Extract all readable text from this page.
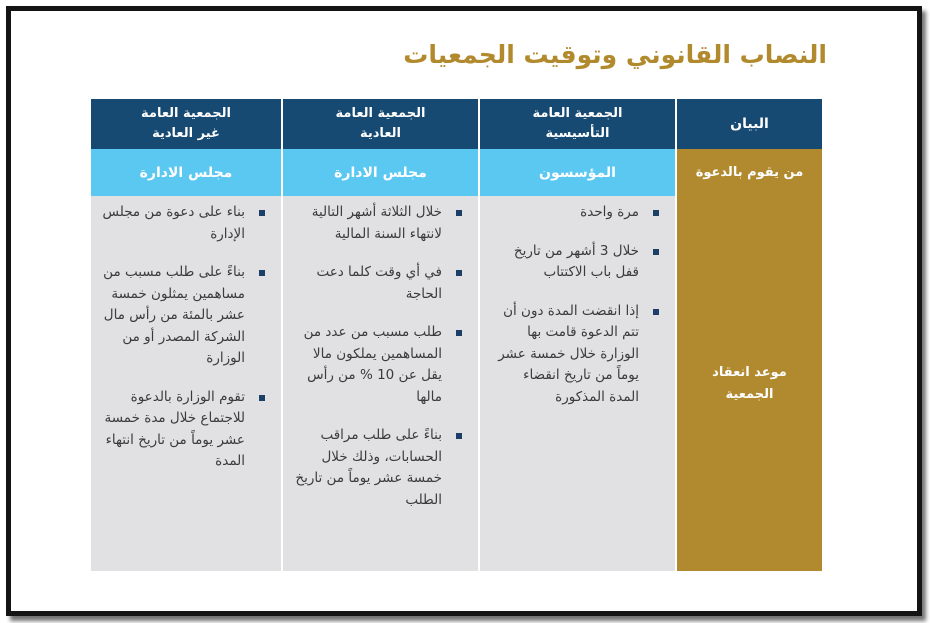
النصاب القانوني وتوقيت الجمعيات
البيان
الجمعية العامة
التأسيسية
الجمعية العامة
العادية
الجمعية العامة
غير العادية
من يقوم بالدعوة
المؤسسون
مجلس الادارة
مجلس الادارة
موعد انعقاد
الجمعية
مرة واحدة
خلال 3 أشهر من تاريخ قفل باب الاكتتاب
إذا انقضت المدة دون أن تتم الدعوة قامت بها الوزارة خلال خمسة عشر يوماً من تاريخ انقضاء المدة المذكورة
خلال الثلاثة أشهر التالية لانتهاء السنة المالية
في أي وقت كلما دعت الحاجة
طلب مسبب من عدد من المساهمين يملكون مالا يقل عن 10 % من رأس مالها
بناءً على طلب مراقب الحسابات، وذلك خلال خمسة عشر يوماً من تاريخ الطلب
بناء على دعوة من مجلس الإدارة
بناءً على طلب مسبب من مساهمين يمثلون خمسة عشر بالمئة من رأس مال الشركة المصدر أو من الوزارة
تقوم الوزارة بالدعوة للاجتماع خلال مدة خمسة عشر يوماً من تاريخ انتهاء المدة
